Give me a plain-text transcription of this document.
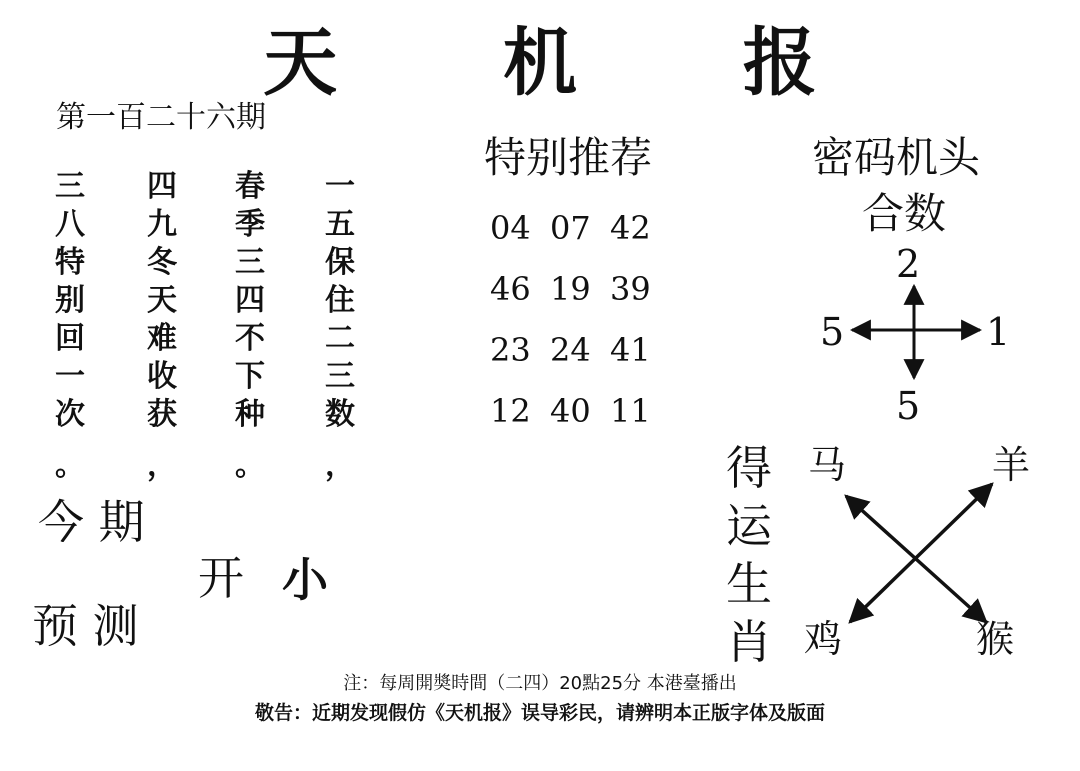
天 机 报
第一百二十六期
三
八
特
别
回
一
次
。
四
九
冬
天
难
收
获
，
春
季
三
四
不
下
种
。
一
五
保
住
二
三
数
，
今 期
开 小
预 测
特别推荐
04 07 42
46 19 39
23 24 41
12 40 11
密码机头
合数
2
5	1
5
得
运
生
肖
马	羊
鸡	猴
注：每周開奬時間（二四）20點25分 本港臺播出
敬告：近期发现假仿《天机报》误导彩民，请辨明本正版字体及版面
